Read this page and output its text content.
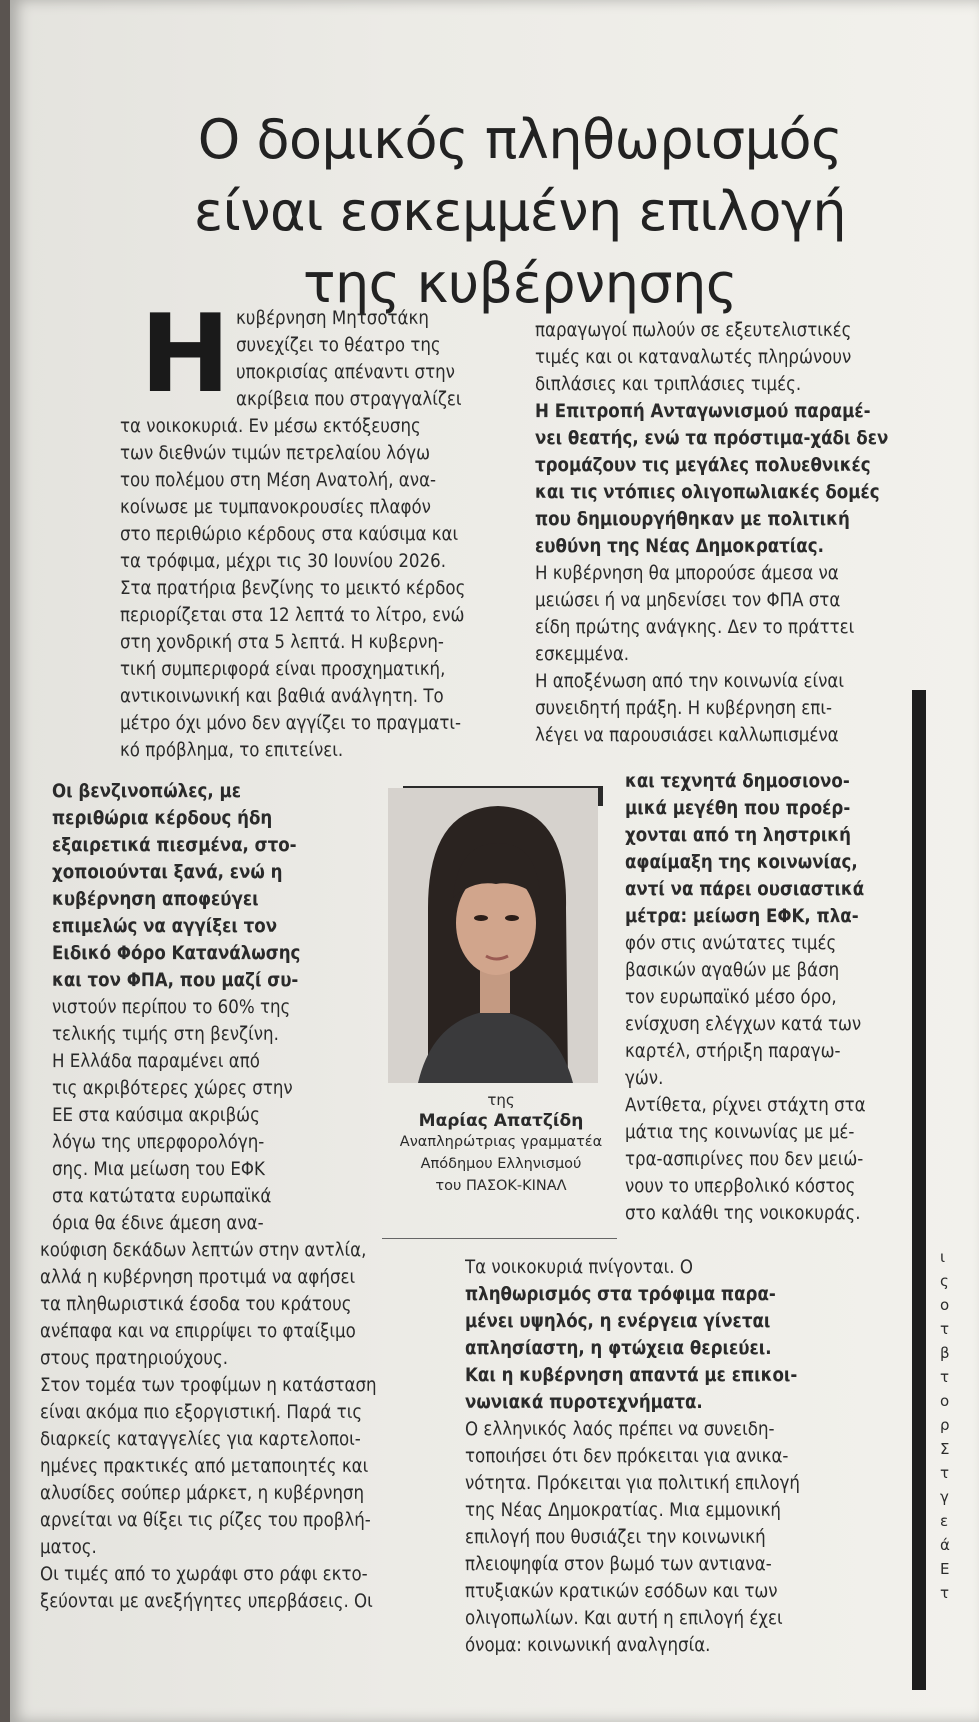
Ο δομικός πληθωρισμός
είναι εσκεμμένη επιλογή
της κυβέρνησης
Η κυβέρνηση Μητσοτάκη
συνεχίζει το θέατρο της
υποκρισίας απέναντι στην
ακρίβεια που στραγγαλίζει
τα νοικοκυριά. Εν μέσω εκτόξευσης
των διεθνών τιμών πετρελαίου λόγω
του πολέμου στη Μέση Ανατολή, ανα-
κοίνωσε με τυμπανοκρουσίες πλαφόν
στο περιθώριο κέρδους στα καύσιμα και
τα τρόφιμα, μέχρι τις 30 Ιουνίου 2026.
Στα πρατήρια βενζίνης το μεικτό κέρδος
περιορίζεται στα 12 λεπτά το λίτρο, ενώ
στη χονδρική στα 5 λεπτά. Η κυβερνη-
τική συμπεριφορά είναι προσχηματική,
αντικοινωνική και βαθιά ανάλγητη. Το
μέτρο όχι μόνο δεν αγγίζει το πραγματι-
κό πρόβλημα, το επιτείνει.
Οι βενζινοπώλες, με
περιθώρια κέρδους ήδη
εξαιρετικά πιεσμένα, στο-
χοποιούνται ξανά, ενώ η
κυβέρνηση αποφεύγει
επιμελώς να αγγίξει τον
Ειδικό Φόρο Κατανάλωσης
και τον ΦΠΑ, που μαζί συ-
νιστούν περίπου το 60% της
τελικής τιμής στη βενζίνη.
Η Ελλάδα παραμένει από
τις ακριβότερες χώρες στην
ΕΕ στα καύσιμα ακριβώς
λόγω της υπερφορολόγη-
σης. Μια μείωση του ΕΦΚ
στα κατώτατα ευρωπαϊκά
όρια θα έδινε άμεση ανα-
παραγωγοί πωλούν σε εξευτελιστικές
τιμές και οι καταναλωτές πληρώνουν
διπλάσιες και τριπλάσιες τιμές.
Η Επιτροπή Ανταγωνισμού παραμέ-
νει θεατής, ενώ τα πρόστιμα-χάδι δεν
τρομάζουν τις μεγάλες πολυεθνικές
και τις ντόπιες ολιγοπωλιακές δομές
που δημιουργήθηκαν με πολιτική
ευθύνη της Νέας Δημοκρατίας.
Η κυβέρνηση θα μπορούσε άμεσα να
μειώσει ή να μηδενίσει τον ΦΠΑ στα
είδη πρώτης ανάγκης. Δεν το πράττει
εσκεμμένα.
Η αποξένωση από την κοινωνία είναι
συνειδητή πράξη. Η κυβέρνηση επι-
λέγει να παρουσιάσει καλλωπισμένα
και τεχνητά δημοσιονο-
μικά μεγέθη που προέρ-
χονται από τη ληστρική
αφαίμαξη της κοινωνίας,
αντί να πάρει ουσιαστικά
μέτρα: μείωση ΕΦΚ, πλα-
φόν στις ανώτατες τιμές
βασικών αγαθών με βάση
τον ευρωπαϊκό μέσο όρο,
ενίσχυση ελέγχων κατά των
καρτέλ, στήριξη παραγω-
γών.
Αντίθετα, ρίχνει στάχτη στα
μάτια της κοινωνίας με μέ-
τρα-ασπιρίνες που δεν μειώ-
νουν το υπερβολικό κόστος
στο καλάθι της νοικοκυράς.
Τα νοικοκυριά πνίγονται. Ο
πληθωρισμός στα τρόφιμα παρα-
μένει υψηλός, η ενέργεια γίνεται
απλησίαστη, η φτώχεια θεριεύει.
Και η κυβέρνηση απαντά με επικοι-
νωνιακά πυροτεχνήματα.
Ο ελληνικός λαός πρέπει να συνειδη-
τοποιήσει ότι δεν πρόκειται για ανικα-
νότητα. Πρόκειται για πολιτική επιλογή
της Νέας Δημοκρατίας. Μια εμμονική
επιλογή που θυσιάζει την κοινωνική
πλειοψηφία στον βωμό των αντιανα-
πτυξιακών κρατικών εσόδων και των
ολιγοπωλίων. Και αυτή η επιλογή έχει
όνομα: κοινωνική αναλγησία.
της
Μαρίας Απατζίδη
Αναπληρώτριας γραμματέα
Απόδημου Ελληνισμού
του ΠΑΣΟΚ-ΚΙΝΑΛ
ι
ς
ο
τ
β
τ
ο
ρ
Σ
τ
γ
ε
ά
Ε
τ
κούφιση δεκάδων λεπτών στην αντλία,
αλλά η κυβέρνηση προτιμά να αφήσει
τα πληθωριστικά έσοδα του κράτους
ανέπαφα και να επιρρίψει το φταίξιμο
στους πρατηριούχους.
Στον τομέα των τροφίμων η κατάσταση
είναι ακόμα πιο εξοργιστική. Παρά τις
διαρκείς καταγγελίες για καρτελοποι-
ημένες πρακτικές από μεταποιητές και
αλυσίδες σούπερ μάρκετ, η κυβέρνηση
αρνείται να θίξει τις ρίζες του προβλή-
ματος.
Οι τιμές από το χωράφι στο ράφι εκτο-
ξεύονται με ανεξήγητες υπερβάσεις. Οι
